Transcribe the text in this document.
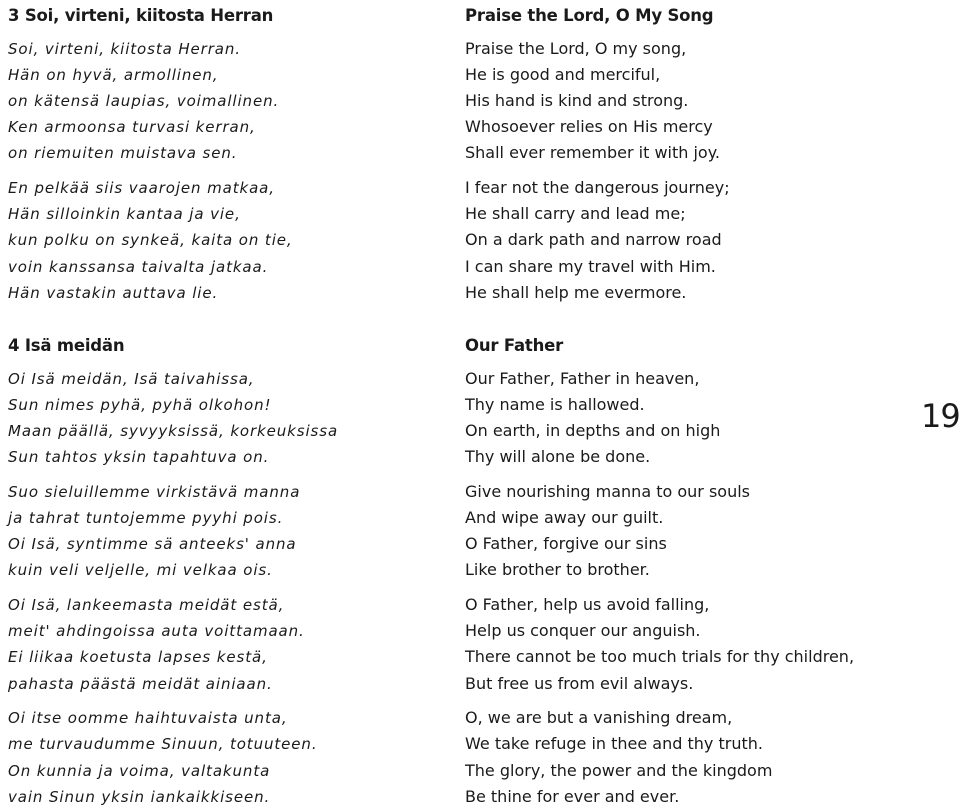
3 Soi, virteni, kiitosta Herran
Soi, virteni, kiitosta Herran.
Hän on hyvä, armollinen,
on kätensä laupias, voimallinen.
Ken armoonsa turvasi kerran,
on riemuiten muistava sen.
En pelkää siis vaarojen matkaa,
Hän silloinkin kantaa ja vie,
kun polku on synkeä, kaita on tie,
voin kanssansa taivalta jatkaa.
Hän vastakin auttava lie.
4 Isä meidän
Oi Isä meidän, Isä taivahissa,
Sun nimes pyhä, pyhä olkohon!
Maan päällä, syvyyksissä, korkeuksissa
Sun tahtos yksin tapahtuva on.
Suo sieluillemme virkistävä manna
ja tahrat tuntojemme pyyhi pois.
Oi Isä, syntimme sä anteeks' anna
kuin veli veljelle, mi velkaa ois.
Oi Isä, lankeemasta meidät estä,
meit' ahdingoissa auta voittamaan.
Ei liikaa koetusta lapses kestä,
pahasta päästä meidät ainiaan.
Oi itse oomme haihtuvaista unta,
me turvaudumme Sinuun, totuuteen.
On kunnia ja voima, valtakunta
vain Sinun yksin iankaikkiseen.
Praise the Lord, O My Song
Praise the Lord, O my song,
He is good and merciful,
His hand is kind and strong.
Whosoever relies on His mercy
Shall ever remember it with joy.
I fear not the dangerous journey;
He shall carry and lead me;
On a dark path and narrow road
I can share my travel with Him.
He shall help me evermore.
Our Father
Our Father, Father in heaven,
Thy name is hallowed.
On earth, in depths and on high
Thy will alone be done.
Give nourishing manna to our souls
And wipe away our guilt.
O Father, forgive our sins
Like brother to brother.
O Father, help us avoid falling,
Help us conquer our anguish.
There cannot be too much trials for thy children,
But free us from evil always.
O, we are but a vanishing dream,
We take refuge in thee and thy truth.
The glory, the power and the kingdom
Be thine for ever and ever.
19
